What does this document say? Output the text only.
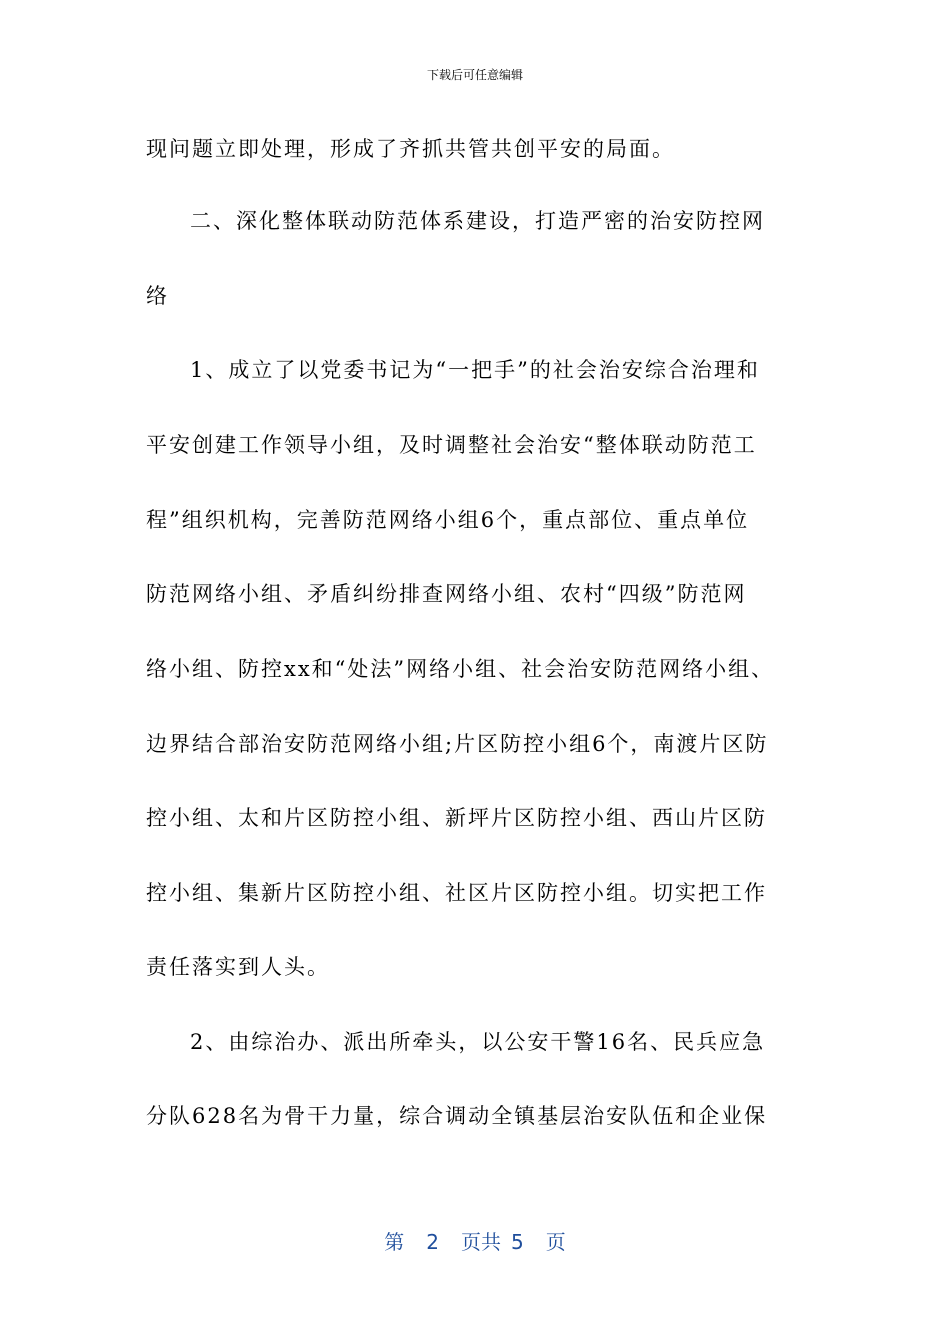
下载后可任意编辑
现问题立即处理，形成了齐抓共管共创平安的局面。
二、深化整体联动防范体系建设，打造严密的治安防控网
络
1、成立了以党委书记为“一把手”的社会治安综合治理和
平安创建工作领导小组，及时调整社会治安“整体联动防范工
程”组织机构，完善防范网络小组6个，重点部位、重点单位
防范网络小组、矛盾纠纷排查网络小组、农村“四级”防范网
络小组、防控xx和“处法”网络小组、社会治安防范网络小组、
边界结合部治安防范网络小组;片区防控小组6个，南渡片区防
控小组、太和片区防控小组、新坪片区防控小组、西山片区防
控小组、集新片区防控小组、社区片区防控小组。切实把工作
责任落实到人头。
2、由综治办、派出所牵头，以公安干警16名、民兵应急
分队628名为骨干力量，综合调动全镇基层治安队伍和企业保
第 2 页共 5 页
